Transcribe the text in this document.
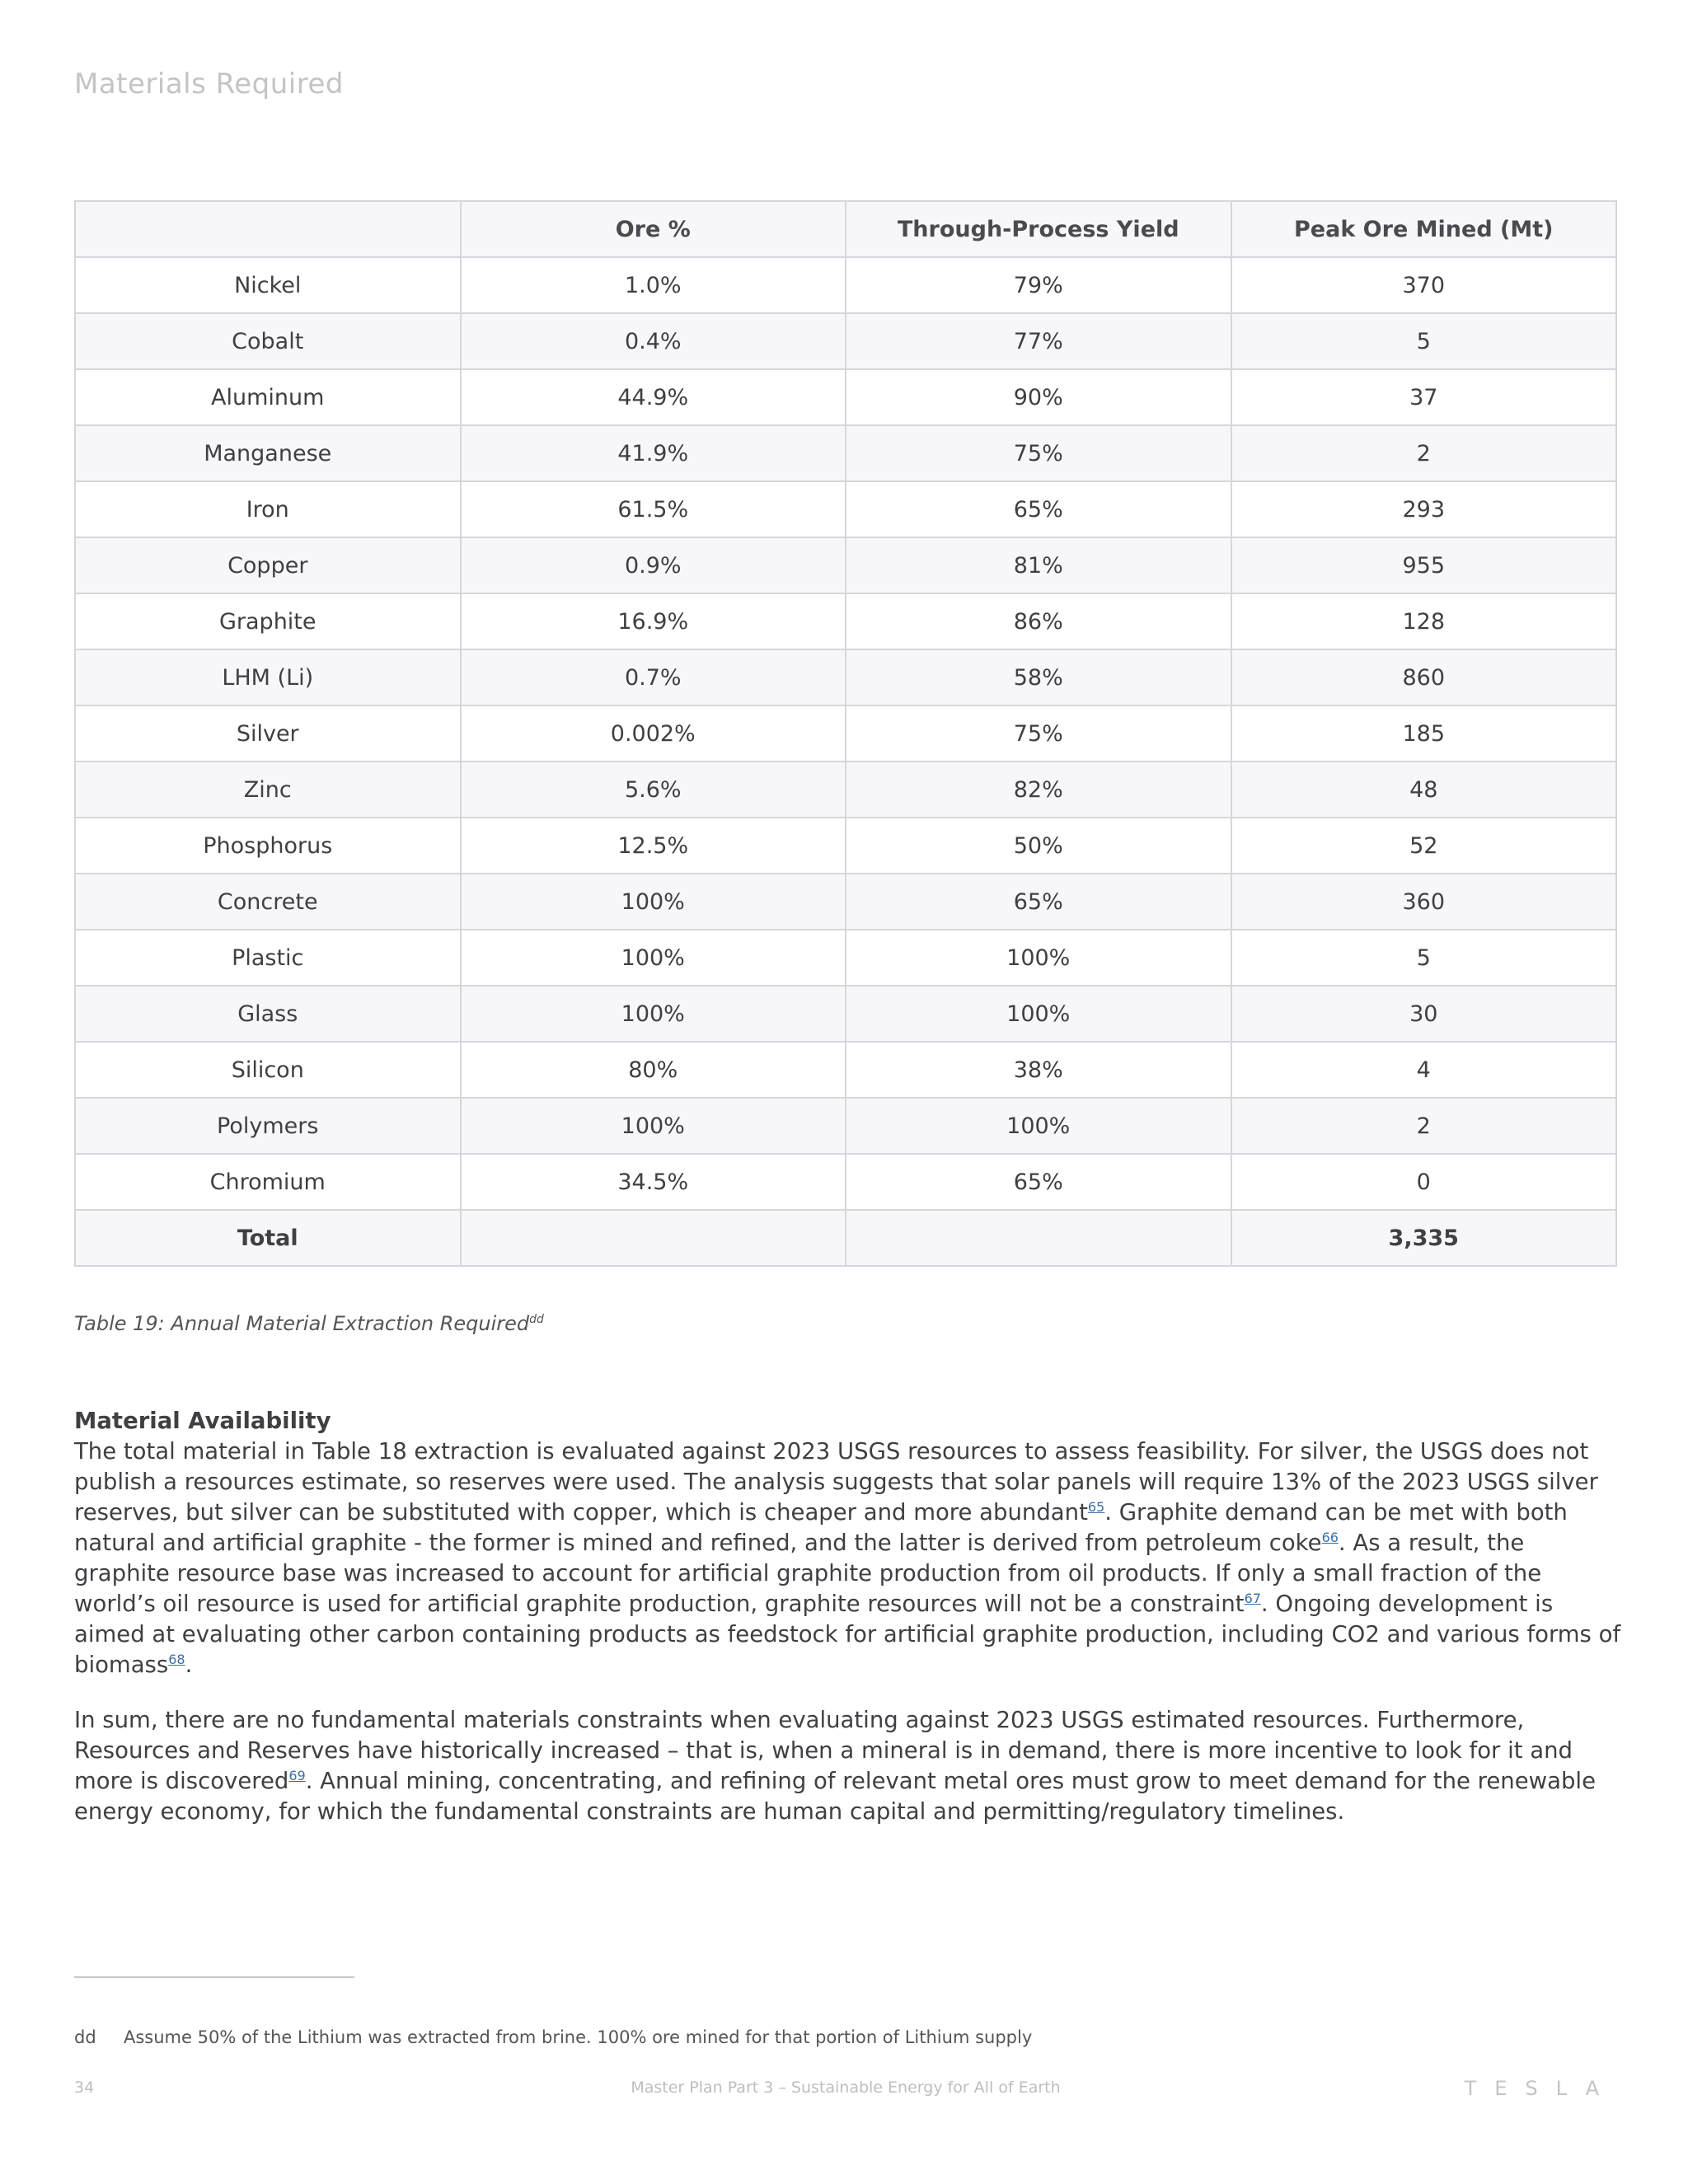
Materials Required
	Ore %	Through-Process Yield	Peak Ore Mined (Mt)
Nickel	1.0%	79%	370
Cobalt	0.4%	77%	5
Aluminum	44.9%	90%	37
Manganese	41.9%	75%	2
Iron	61.5%	65%	293
Copper	0.9%	81%	955
Graphite	16.9%	86%	128
LHM (Li)	0.7%	58%	860
Silver	0.002%	75%	185
Zinc	5.6%	82%	48
Phosphorus	12.5%	50%	52
Concrete	100%	65%	360
Plastic	100%	100%	5
Glass	100%	100%	30
Silicon	80%	38%	4
Polymers	100%	100%	2
Chromium	34.5%	65%	0
Total			3,335
Table 19: Annual Material Extraction Required$^{dd}$
Material Availability

The total material in Table 18 extraction is evaluated against 2023 USGS resources to assess feasibility. For silver, the USGS does not publish a resources estimate, so reserves were used. The analysis suggests that solar panels will require 13% of the 2023 USGS silver reserves, but silver can be substituted with copper, which is cheaper and more abundant$^{65}$. Graphite demand can be met with both natural and artificial graphite - the former is mined and refined, and the latter is derived from petroleum coke$^{66}$. As a result, the graphite resource base was increased to account for artificial graphite production from oil products. If only a small fraction of the world’s oil resource is used for artificial graphite production, graphite resources will not be a constraint$^{67}$. Ongoing development is aimed at evaluating other carbon containing products as feedstock for artificial graphite production, including CO2 and various forms of biomass$^{68}$.

In sum, there are no fundamental materials constraints when evaluating against 2023 USGS estimated resources. Furthermore, Resources and Reserves have historically increased – that is, when a mineral is in demand, there is more incentive to look for it and more is discovered$^{69}$. Annual mining, concentrating, and refining of relevant metal ores must grow to meet demand for the renewable energy economy, for which the fundamental constraints are human capital and permitting/regulatory timelines.

dd Assume 50% of the Lithium was extracted from brine. 100% ore mined for that portion of Lithium supply
34	Master Plan Part 3 – Sustainable Energy for All of Earth	TESLA
